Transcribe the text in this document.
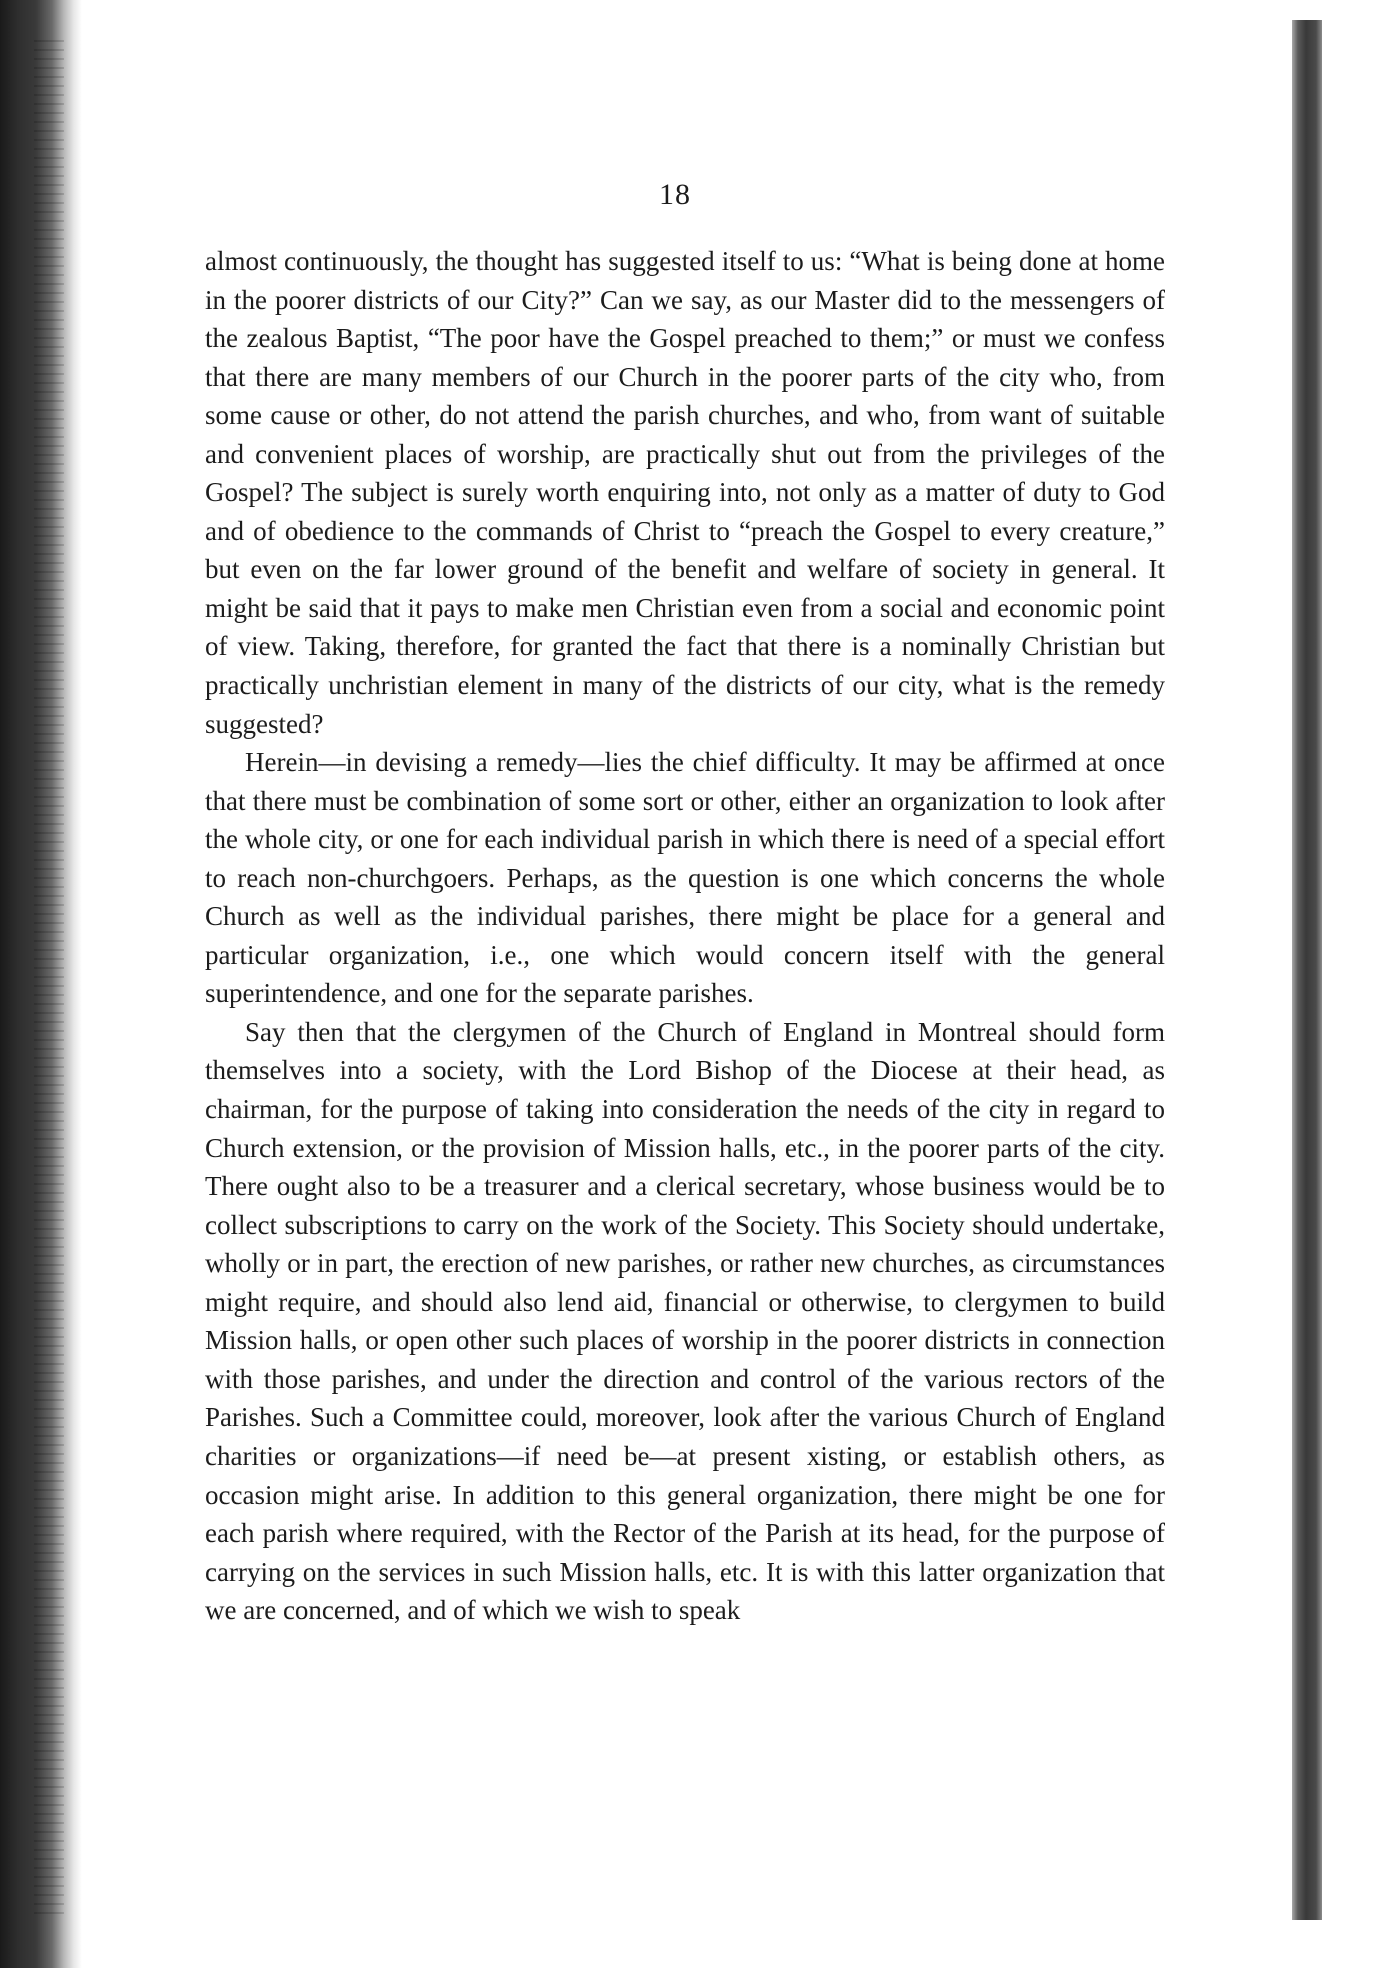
18

almost continuously, the thought has suggested itself to us: “What is being done at home in the poorer districts of our City?” Can we say, as our Master did to the messengers of the zealous Baptist, “The poor have the Gospel preached to them;” or must we confess that there are many members of our Church in the poorer parts of the city who, from some cause or other, do not attend the parish churches, and who, from want of suitable and convenient places of worship, are practically shut out from the privileges of the Gospel? The subject is surely worth enquiring into, not only as a matter of duty to God and of obedience to the commands of Christ to “preach the Gospel to every creature,” but even on the far lower ground of the benefit and welfare of society in general. It might be said that it pays to make men Christian even from a social and economic point of view. Taking, therefore, for granted the fact that there is a nominally Christian but practically unchristian element in many of the districts of our city, what is the remedy suggested?

Herein—in devising a remedy—lies the chief difficulty. It may be affirmed at once that there must be combination of some sort or other, either an organization to look after the whole city, or one for each individual parish in which there is need of a special effort to reach non-churchgoers. Perhaps, as the question is one which concerns the whole Church as well as the individual parishes, there might be place for a general and particular organization, i.e., one which would concern itself with the general superintendence, and one for the separate parishes.

Say then that the clergymen of the Church of England in Montreal should form themselves into a society, with the Lord Bishop of the Diocese at their head, as chairman, for the purpose of taking into consideration the needs of the city in regard to Church extension, or the provision of Mission halls, etc., in the poorer parts of the city. There ought also to be a treasurer and a clerical secretary, whose business would be to collect subscriptions to carry on the work of the Society. This Society should undertake, wholly or in part, the erection of new parishes, or rather new churches, as circumstances might require, and should also lend aid, financial or otherwise, to clergymen to build Mission halls, or open other such places of worship in the poorer districts in connection with those parishes, and under the direction and control of the various rectors of the Parishes. Such a Committee could, moreover, look after the various Church of England charities or organizations—if need be—at present xisting, or establish others, as occasion might arise. In addition to this general organization, there might be one for each parish where required, with the Rector of the Parish at its head, for the purpose of carrying on the services in such Mission halls, etc. It is with this latter organization that we are concerned, and of which we wish to speak
